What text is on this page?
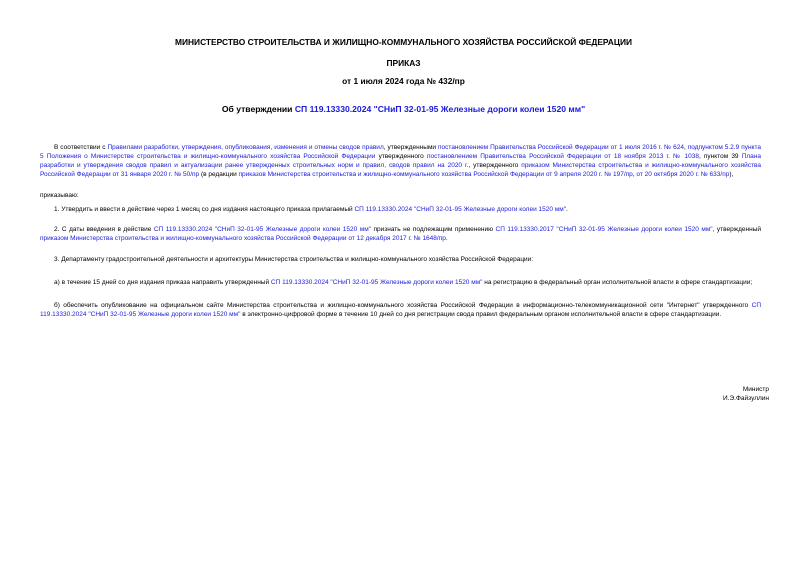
МИНИСТЕРСТВО СТРОИТЕЛЬСТВА И ЖИЛИЩНО-КОММУНАЛЬНОГО ХОЗЯЙСТВА РОССИЙСКОЙ ФЕДЕРАЦИИ
ПРИКАЗ
от 1 июля 2024 года № 432/пр
Об утверждении СП 119.13330.2024 "СНиП 32-01-95 Железные дороги колеи 1520 мм"

В соответствии с Правилами разработки, утверждения, опубликования, изменения и отмены сводов правил, утвержденными постановлением Правительства Российской Федерации от 1 июля 2016 г. № 624, подпунктом 5.2.9 пункта 5 Положения о Министерстве строительства и жилищно-коммунального хозяйства Российской Федерации утвержденного постановлением Правительства Российской Федерации от 18 ноября 2013 г. № 1038, пунктом 39 Плана разработки и утверждения сводов правил и актуализации ранее утвержденных строительных норм и правил, сводов правил на 2020 г., утвержденного приказом Министерства строительства и жилищно-коммунального хозяйства Российской Федерации от 31 января 2020 г. № 50/пр (в редакции приказов Министерства строительства и жилищно-коммунального хозяйства Российской Федерации от 9 апреля 2020 г. № 197/пр, от 20 октября 2020 г. № 633/пр),

приказываю:

1. Утвердить и ввести в действие через 1 месяц со дня издания настоящего приказа прилагаемый СП 119.13330.2024 "СНиП 32-01-95 Железные дороги колеи 1520 мм".

2. С даты введения в действие СП 119.13330.2024 "СНиП 32-01-95 Железные дороги колеи 1520 мм" признать не подлежащим применению СП 119.13330.2017 "СНиП 32-01-95 Железные дороги колеи 1520 мм", утвержденный приказом Министерства строительства и жилищно-коммунального хозяйства Российской Федерации от 12 декабря 2017 г. № 1648/пр.

3. Департаменту градостроительной деятельности и архитектуры Министерства строительства и жилищно-коммунального хозяйства Российской Федерации:

а) в течение 15 дней со дня издания приказа направить утвержденный СП 119.13330.2024 "СНиП 32-01-95 Железные дороги колеи 1520 мм" на регистрацию в федеральный орган исполнительной власти в сфере стандартизации;

б) обеспечить опубликование на официальном сайте Министерства строительства и жилищно-коммунального хозяйства Российской Федерации в информационно-телекоммуникационной сети "Интернет" утвержденного СП 119.13330.2024 "СНиП 32-01-95 Железные дороги колеи 1520 мм" в электронно-цифровой форме в течение 10 дней со дня регистрации свода правил федеральным органом исполнительной власти в сфере стандартизации.

Министр
И.Э.Файзуллин
